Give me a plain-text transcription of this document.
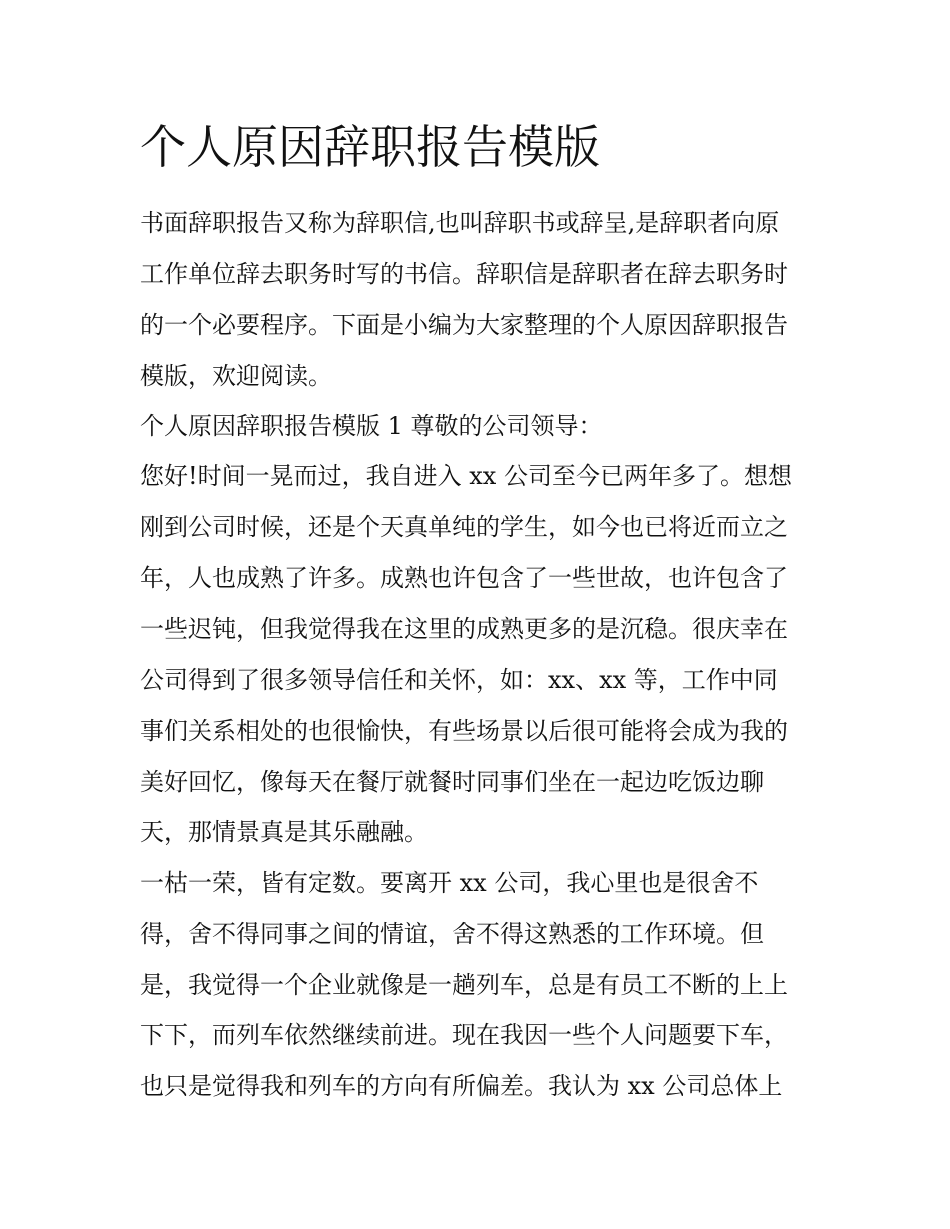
个人原因辞职报告模版

书面辞职报告又称为辞职信,也叫辞职书或辞呈,是辞职者向原

工作单位辞去职务时写的书信。辞职信是辞职者在辞去职务时

的一个必要程序。下面是小编为大家整理的个人原因辞职报告

模版，欢迎阅读。

个人原因辞职报告模版 1 尊敬的公司领导：

您好!时间一晃而过，我自进入 xx 公司至今已两年多了。想想

刚到公司时候，还是个天真单纯的学生，如今也已将近而立之

年，人也成熟了许多。成熟也许包含了一些世故，也许包含了

一些迟钝，但我觉得我在这里的成熟更多的是沉稳。很庆幸在

公司得到了很多领导信任和关怀，如：xx、xx 等，工作中同

事们关系相处的也很愉快，有些场景以后很可能将会成为我的

美好回忆，像每天在餐厅就餐时同事们坐在一起边吃饭边聊

天，那情景真是其乐融融。

一枯一荣，皆有定数。要离开 xx 公司，我心里也是很舍不

得，舍不得同事之间的情谊，舍不得这熟悉的工作环境。但

是，我觉得一个企业就像是一趟列车，总是有员工不断的上上

下下，而列车依然继续前进。现在我因一些个人问题要下车，

也只是觉得我和列车的方向有所偏差。我认为 xx 公司总体上
